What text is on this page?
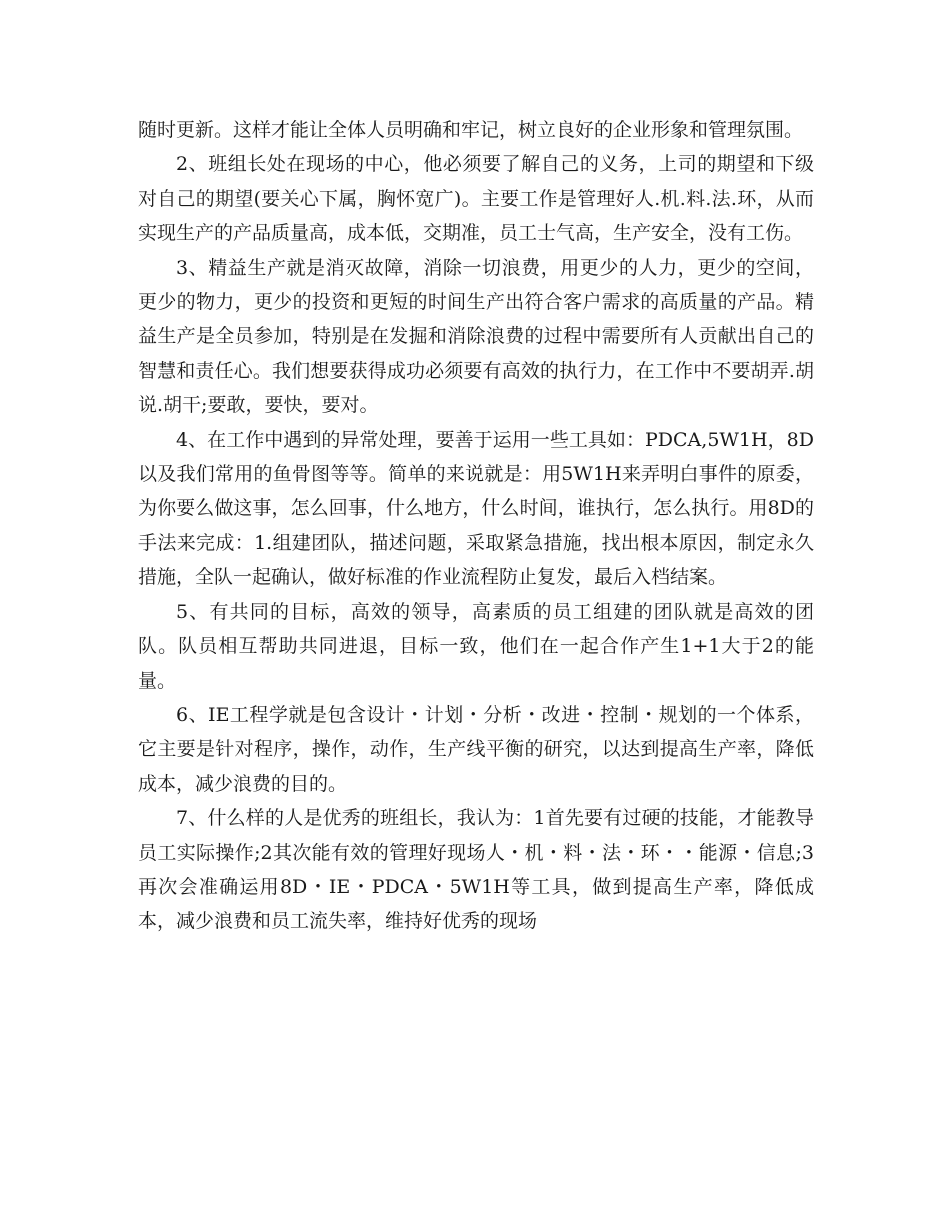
随时更新。这样才能让全体人员明确和牢记，树立良好的企业形象和管理氛围。

2、班组长处在现场的中心，他必须要了解自己的义务，上司的期望和下级对自己的期望(要关心下属，胸怀宽广)。主要工作是管理好人.机.料.法.环，从而实现生产的产品质量高，成本低，交期准，员工士气高，生产安全，没有工伤。

3、精益生产就是消灭故障，消除一切浪费，用更少的人力，更少的空间，更少的物力，更少的投资和更短的时间生产出符合客户需求的高质量的产品。精益生产是全员参加，特别是在发掘和消除浪费的过程中需要所有人贡献出自己的智慧和责任心。我们想要获得成功必须要有高效的执行力，在工作中不要胡弄.胡说.胡干;要敢，要快，要对。

4、在工作中遇到的异常处理，要善于运用一些工具如：PDCA,5W1H，8D以及我们常用的鱼骨图等等。简单的来说就是：用5W1H来弄明白事件的原委，为你要么做这事，怎么回事，什么地方，什么时间，谁执行，怎么执行。用8D的手法来完成：1.组建团队，描述问题，采取紧急措施，找出根本原因，制定永久措施，全队一起确认，做好标准的作业流程防止复发，最后入档结案。

5、有共同的目标，高效的领导，高素质的员工组建的团队就是高效的团队。队员相互帮助共同进退，目标一致，他们在一起合作产生1+1大于2的能量。

6、IE工程学就是包含设计・计划・分析・改进・控制・规划的一个体系，它主要是针对程序，操作，动作，生产线平衡的研究，以达到提高生产率，降低成本，减少浪费的目的。

7、什么样的人是优秀的班组长，我认为：1首先要有过硬的技能，才能教导员工实际操作;2其次能有效的管理好现场人・机・料・法・环・・能源・信息;3再次会准确运用8D・IE・PDCA・5W1H等工具，做到提高生产率，降低成本，减少浪费和员工流失率，维持好优秀的现场
